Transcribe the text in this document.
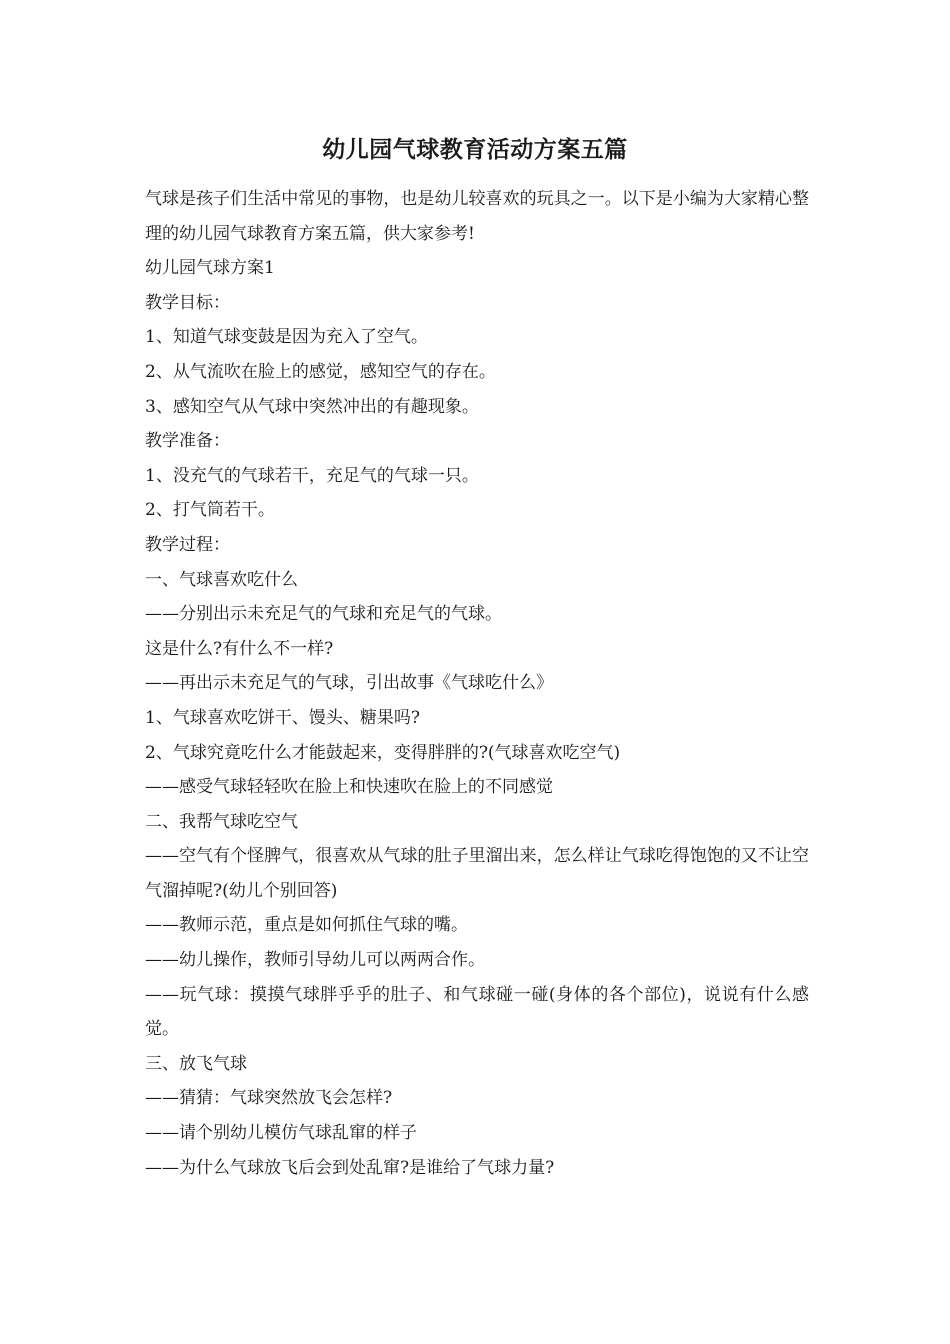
幼儿园气球教育活动方案五篇

气球是孩子们生活中常见的事物，也是幼儿较喜欢的玩具之一。以下是小编为大家精心整理的幼儿园气球教育方案五篇，供大家参考!

幼儿园气球方案1

教学目标：

1、知道气球变鼓是因为充入了空气。

2、从气流吹在脸上的感觉，感知空气的存在。

3、感知空气从气球中突然冲出的有趣现象。

教学准备：

1、没充气的气球若干，充足气的气球一只。

2、打气筒若干。

教学过程：

一、气球喜欢吃什么

——分别出示未充足气的气球和充足气的气球。

这是什么?有什么不一样?

——再出示未充足气的气球，引出故事《气球吃什么》

1、气球喜欢吃饼干、馒头、糖果吗?

2、气球究竟吃什么才能鼓起来，变得胖胖的?(气球喜欢吃空气)

——感受气球轻轻吹在脸上和快速吹在脸上的不同感觉

二、我帮气球吃空气

——空气有个怪脾气，很喜欢从气球的肚子里溜出来，怎么样让气球吃得饱饱的又不让空气溜掉呢?(幼儿个别回答)

——教师示范，重点是如何抓住气球的嘴。

——幼儿操作，教师引导幼儿可以两两合作。

——玩气球：摸摸气球胖乎乎的肚子、和气球碰一碰(身体的各个部位)，说说有什么感觉。

三、放飞气球

——猜猜：气球突然放飞会怎样?

——请个别幼儿模仿气球乱窜的样子

——为什么气球放飞后会到处乱窜?是谁给了气球力量?
